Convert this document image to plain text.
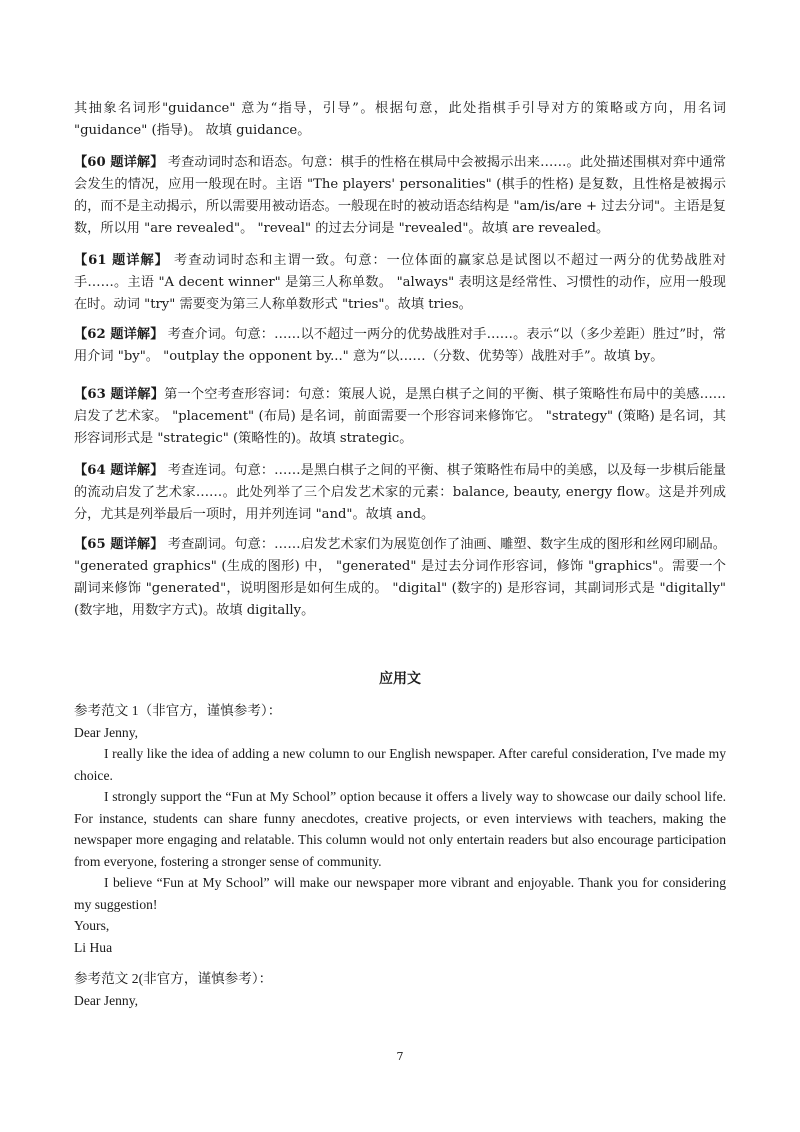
其抽象名词形"guidance" 意为“指导，引导”。根据句意，此处指棋手引导对方的策略或方向，用名词 "guidance" (指导)。 故填 guidance。

【60 题详解】 考查动词时态和语态。句意：棋手的性格在棋局中会被揭示出来……。此处描述围棋对弈中通常会发生的情况，应用一般现在时。主语 "The players' personalities" (棋手的性格) 是复数，且性格是被揭示的，而不是主动揭示，所以需要用被动语态。一般现在时的被动语态结构是 "am/is/are + 过去分词"。主语是复数，所以用 "are revealed"。 "reveal" 的过去分词是 "revealed"。故填 are revealed。

【61 题详解】 考查动词时态和主谓一致。句意：一位体面的赢家总是试图以不超过一两分的优势战胜对手……。主语 "A decent winner" 是第三人称单数。 "always" 表明这是经常性、习惯性的动作，应用一般现在时。动词 "try" 需要变为第三人称单数形式 "tries"。故填 tries。

【62 题详解】 考查介词。句意：……以不超过一两分的优势战胜对手……。表示“以（多少差距）胜过”时，常用介词 "by"。 "outplay the opponent by..." 意为“以……（分数、优势等）战胜对手”。故填 by。

【63 题详解】第一个空考查形容词：句意：策展人说，是黑白棋子之间的平衡、棋子策略性布局中的美感……启发了艺术家。 "placement" (布局) 是名词，前面需要一个形容词来修饰它。 "strategy" (策略) 是名词，其形容词形式是 "strategic" (策略性的)。故填 strategic。

【64 题详解】 考查连词。句意：……是黑白棋子之间的平衡、棋子策略性布局中的美感，以及每一步棋后能量的流动启发了艺术家……。此处列举了三个启发艺术家的元素：balance, beauty, energy flow。这是并列成分，尤其是列举最后一项时，用并列连词 "and"。故填 and。

【65 题详解】 考查副词。句意：……启发艺术家们为展览创作了油画、雕塑、数字生成的图形和丝网印刷品。 "generated graphics" (生成的图形) 中， "generated" 是过去分词作形容词，修饰 "graphics"。需要一个副词来修饰 "generated"，说明图形是如何生成的。 "digital" (数字的) 是形容词，其副词形式是 "digitally" (数字地，用数字方式)。故填 digitally。

应用文
参考范文 1（非官方，谨慎参考）：
Dear Jenny,
I really like the idea of adding a new column to our English newspaper. After careful consideration, I've made my choice.
I strongly support the “Fun at My School” option because it offers a lively way to showcase our daily school life. For instance, students can share funny anecdotes, creative projects, or even interviews with teachers, making the newspaper more engaging and relatable. This column would not only entertain readers but also encourage participation from everyone, fostering a stronger sense of community.
I believe “Fun at My School” will make our newspaper more vibrant and enjoyable. Thank you for considering my suggestion!
Yours,
Li Hua
参考范文 2(非官方，谨慎参考）：
Dear Jenny,
7
